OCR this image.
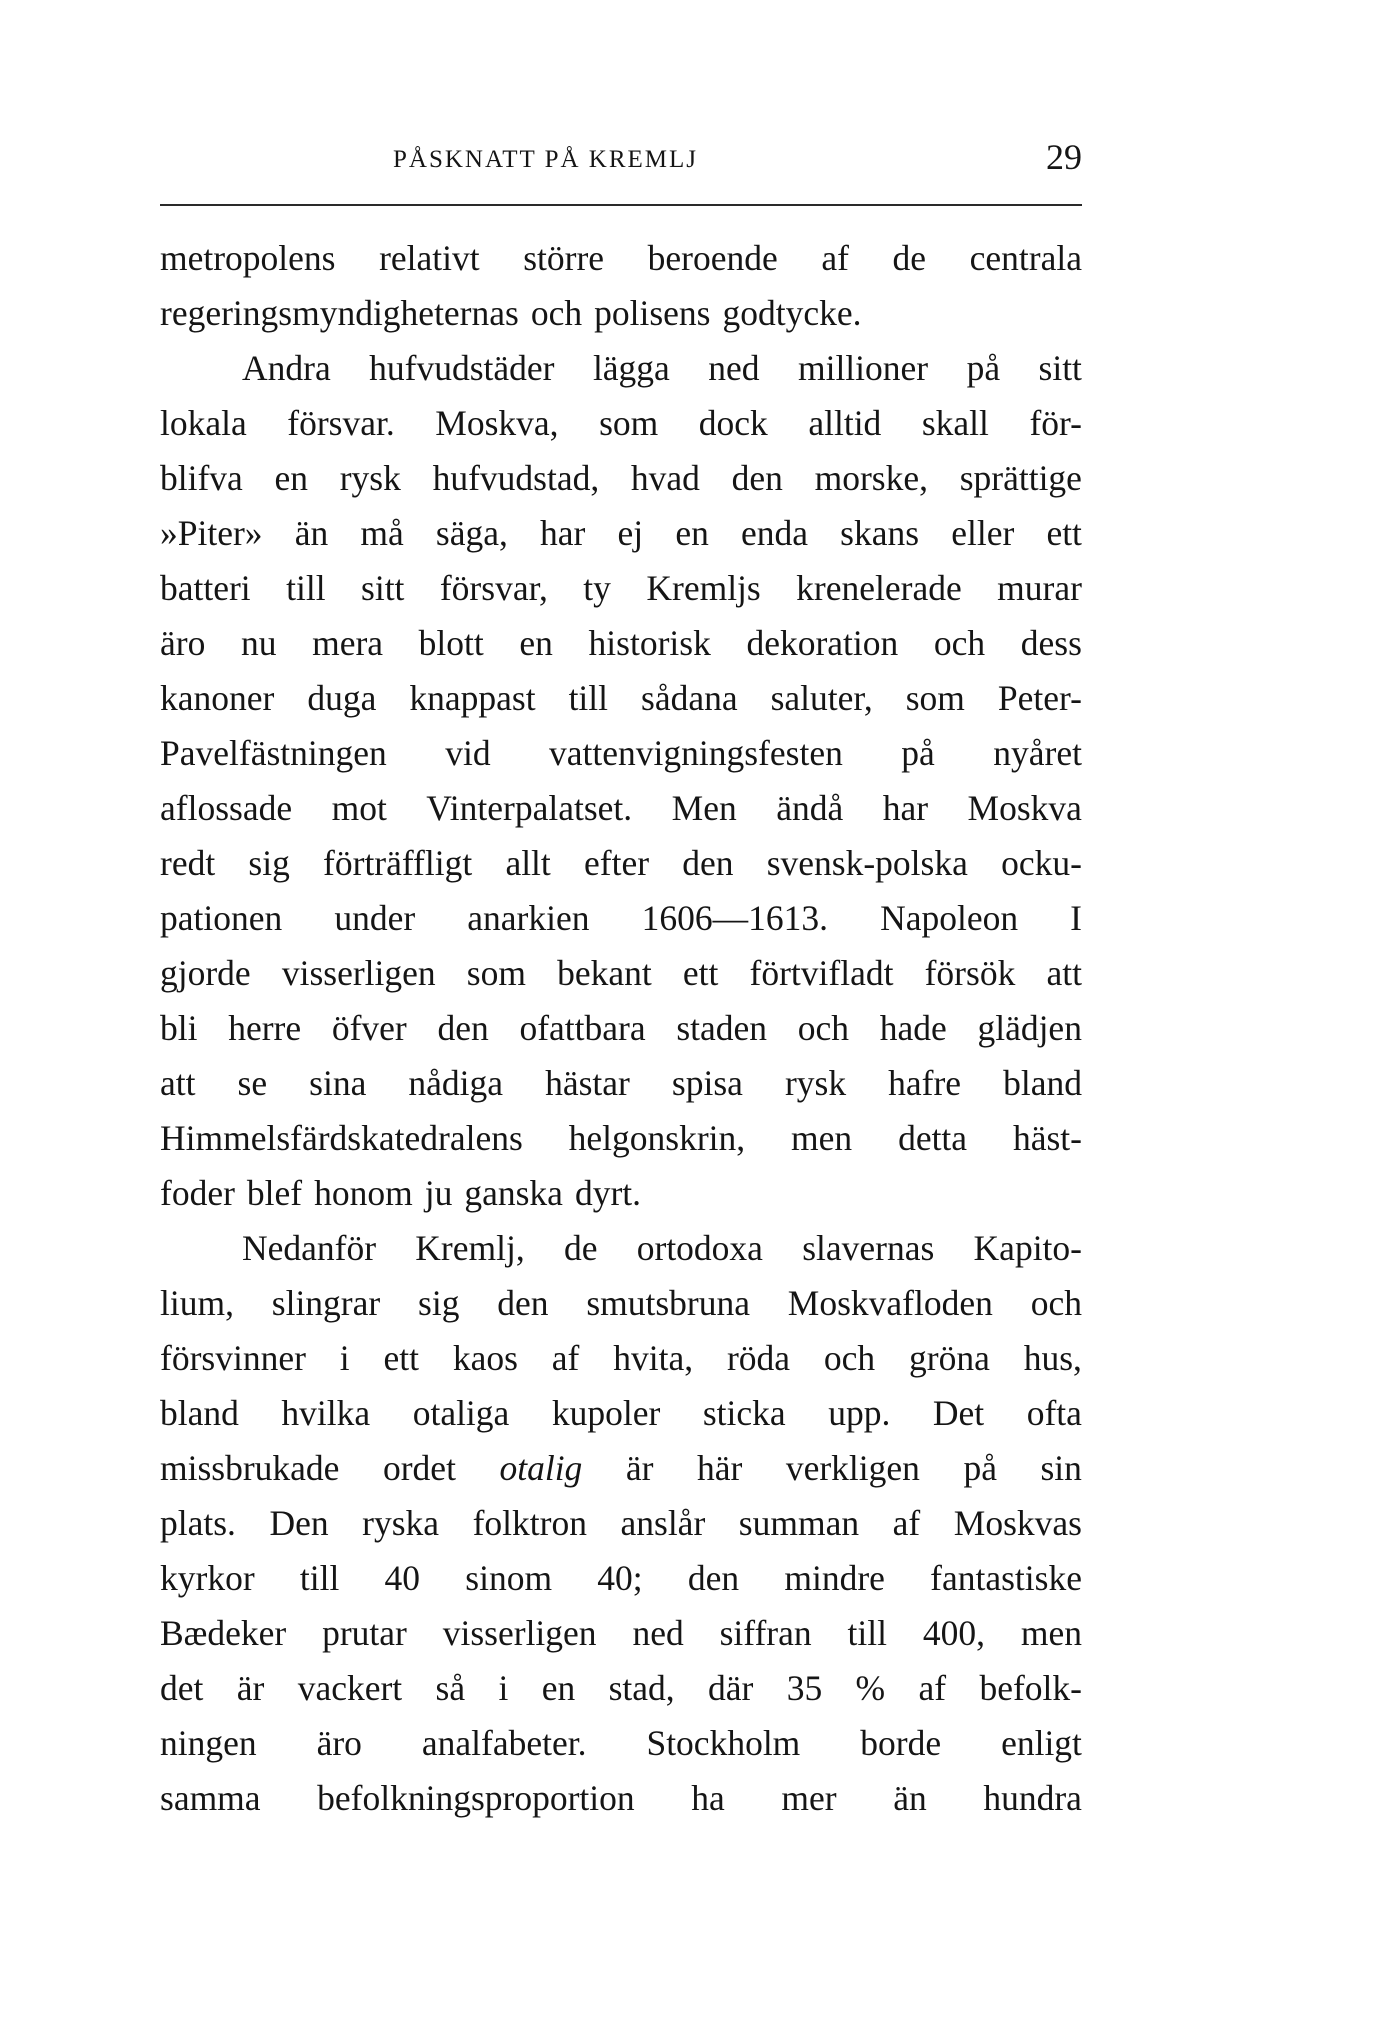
PÅSKNATT PÅ KREMLJ	29
metropolens relativt större beroende af de centrala
regeringsmyndigheternas och polisens godtycke.
Andra hufvudstäder lägga ned millioner på sitt
lokala försvar. Moskva, som dock alltid skall för-
blifva en rysk hufvudstad, hvad den morske, sprättige
»Piter» än må säga, har ej en enda skans eller ett
batteri till sitt försvar, ty Kremljs krenelerade murar
äro nu mera blott en historisk dekoration och dess
kanoner duga knappast till sådana saluter, som Peter-
Pavelfästningen vid vattenvigningsfesten på nyåret
aflossade mot Vinterpalatset. Men ändå har Moskva
redt sig förträffligt allt efter den svensk-polska ocku-
pationen under anarkien 1606—1613. Napoleon I
gjorde visserligen som bekant ett förtvifladt försök att
bli herre öfver den ofattbara staden och hade glädjen
att se sina nådiga hästar spisa rysk hafre bland
Himmelsfärdskatedralens helgonskrin, men detta häst-
foder blef honom ju ganska dyrt.
Nedanför Kremlj, de ortodoxa slavernas Kapito-
lium, slingrar sig den smutsbruna Moskvafloden och
försvinner i ett kaos af hvita, röda och gröna hus,
bland hvilka otaliga kupoler sticka upp. Det ofta
missbrukade ordet otalig är här verkligen på sin
plats. Den ryska folktron anslår summan af Moskvas
kyrkor till 40 sinom 40; den mindre fantastiske
Bædeker prutar visserligen ned siffran till 400, men
det är vackert så i en stad, där 35 % af befolk-
ningen äro analfabeter. Stockholm borde enligt
samma befolkningsproportion ha mer än hundra
